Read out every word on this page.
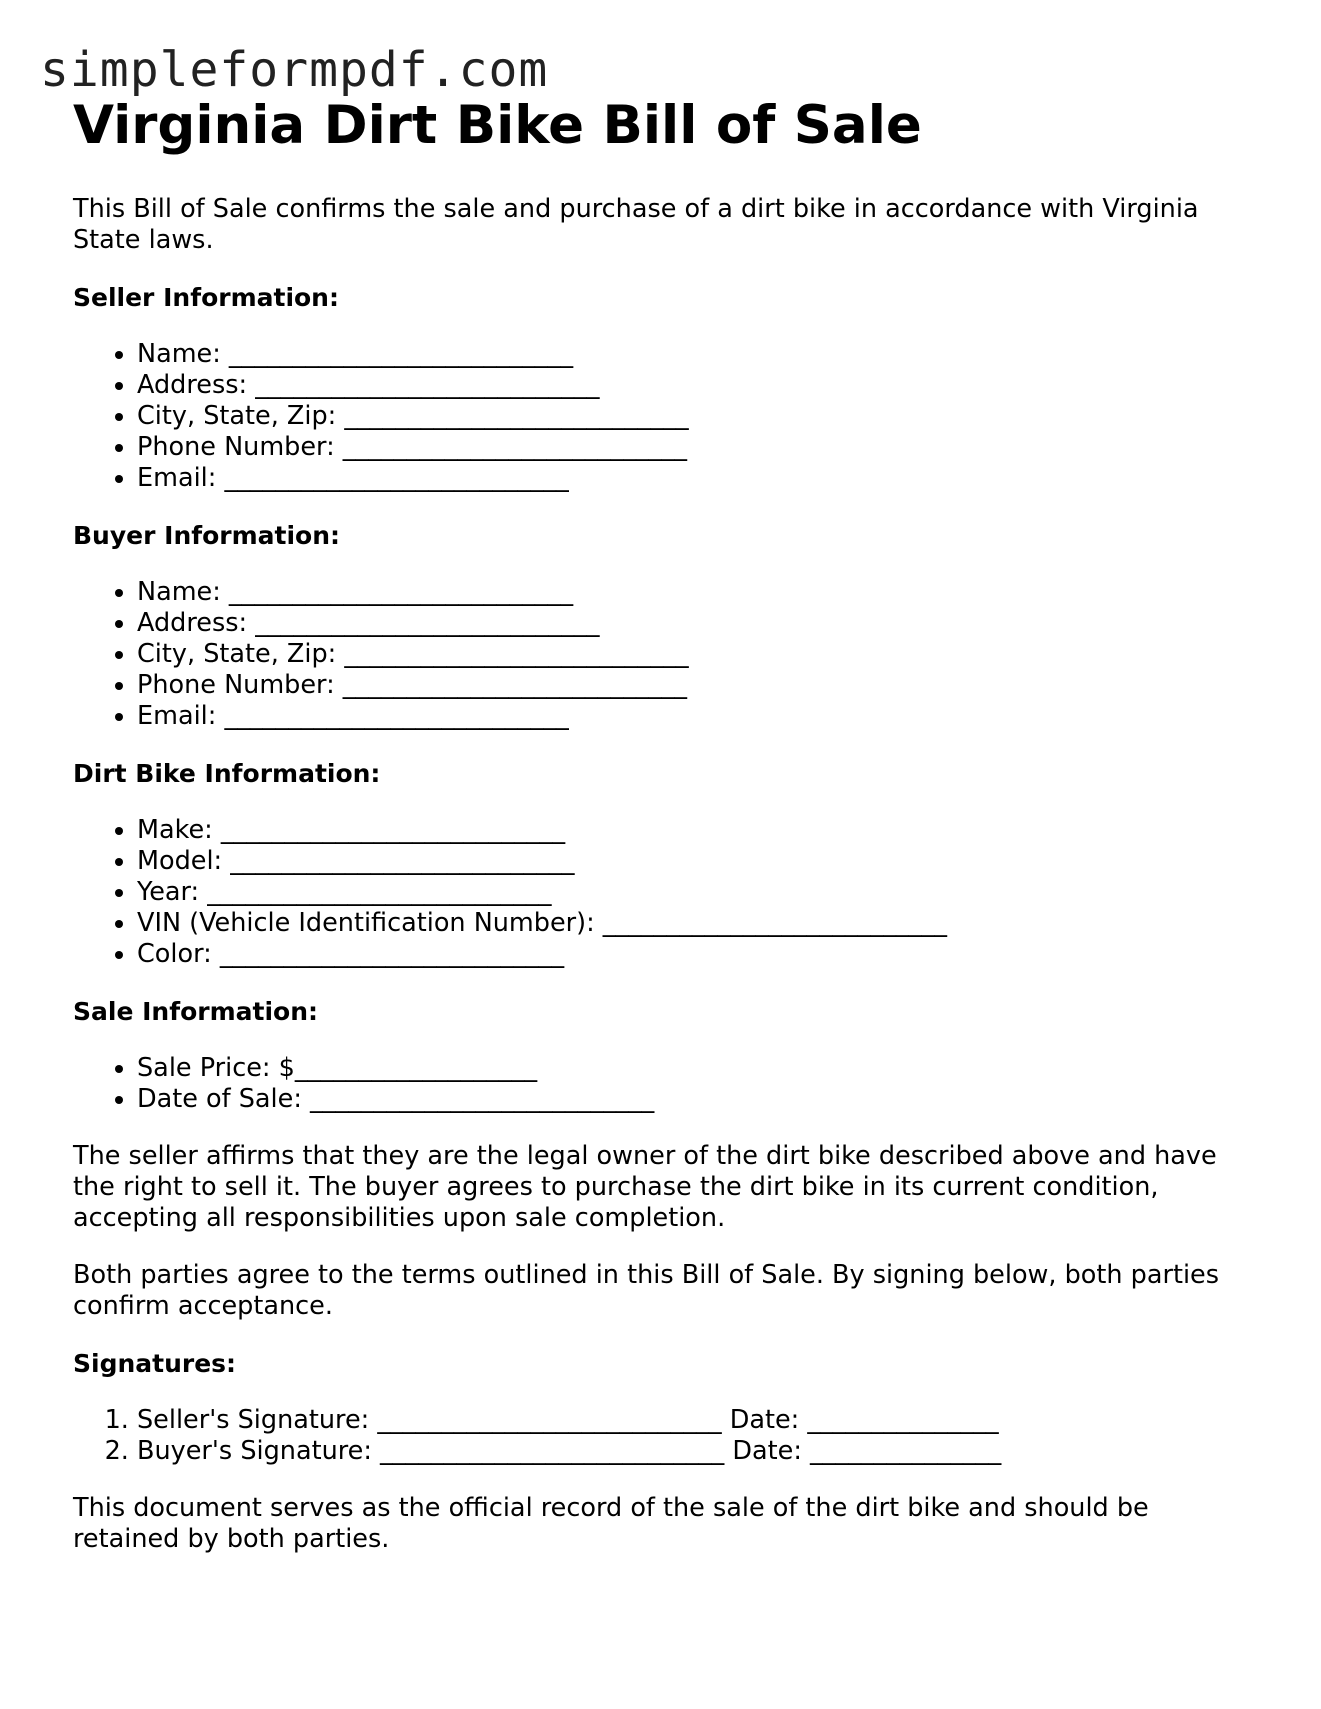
simpleformpdf.com
Virginia Dirt Bike Bill of Sale

This Bill of Sale confirms the sale and purchase of a dirt bike in accordance with Virginia State laws.

Seller Information:
• Name: ___________________________
• Address: ___________________________
• City, State, Zip: ___________________________
• Phone Number: ___________________________
• Email: ___________________________
Buyer Information:
• Name: ___________________________
• Address: ___________________________
• City, State, Zip: ___________________________
• Phone Number: ___________________________
• Email: ___________________________
Dirt Bike Information:
• Make: ___________________________
• Model: ___________________________
• Year: ___________________________
• VIN (Vehicle Identification Number): ___________________________
• Color: ___________________________
Sale Information:
• Sale Price: $___________________
• Date of Sale: ___________________________

The seller affirms that they are the legal owner of the dirt bike described above and have the right to sell it. The buyer agrees to purchase the dirt bike in its current condition, accepting all responsibilities upon sale completion.

Both parties agree to the terms outlined in this Bill of Sale. By signing below, both parties confirm acceptance.

Signatures:
1. Seller's Signature: ___________________________ Date: _______________
2. Buyer's Signature: ___________________________ Date: _______________

This document serves as the official record of the sale of the dirt bike and should be retained by both parties.
